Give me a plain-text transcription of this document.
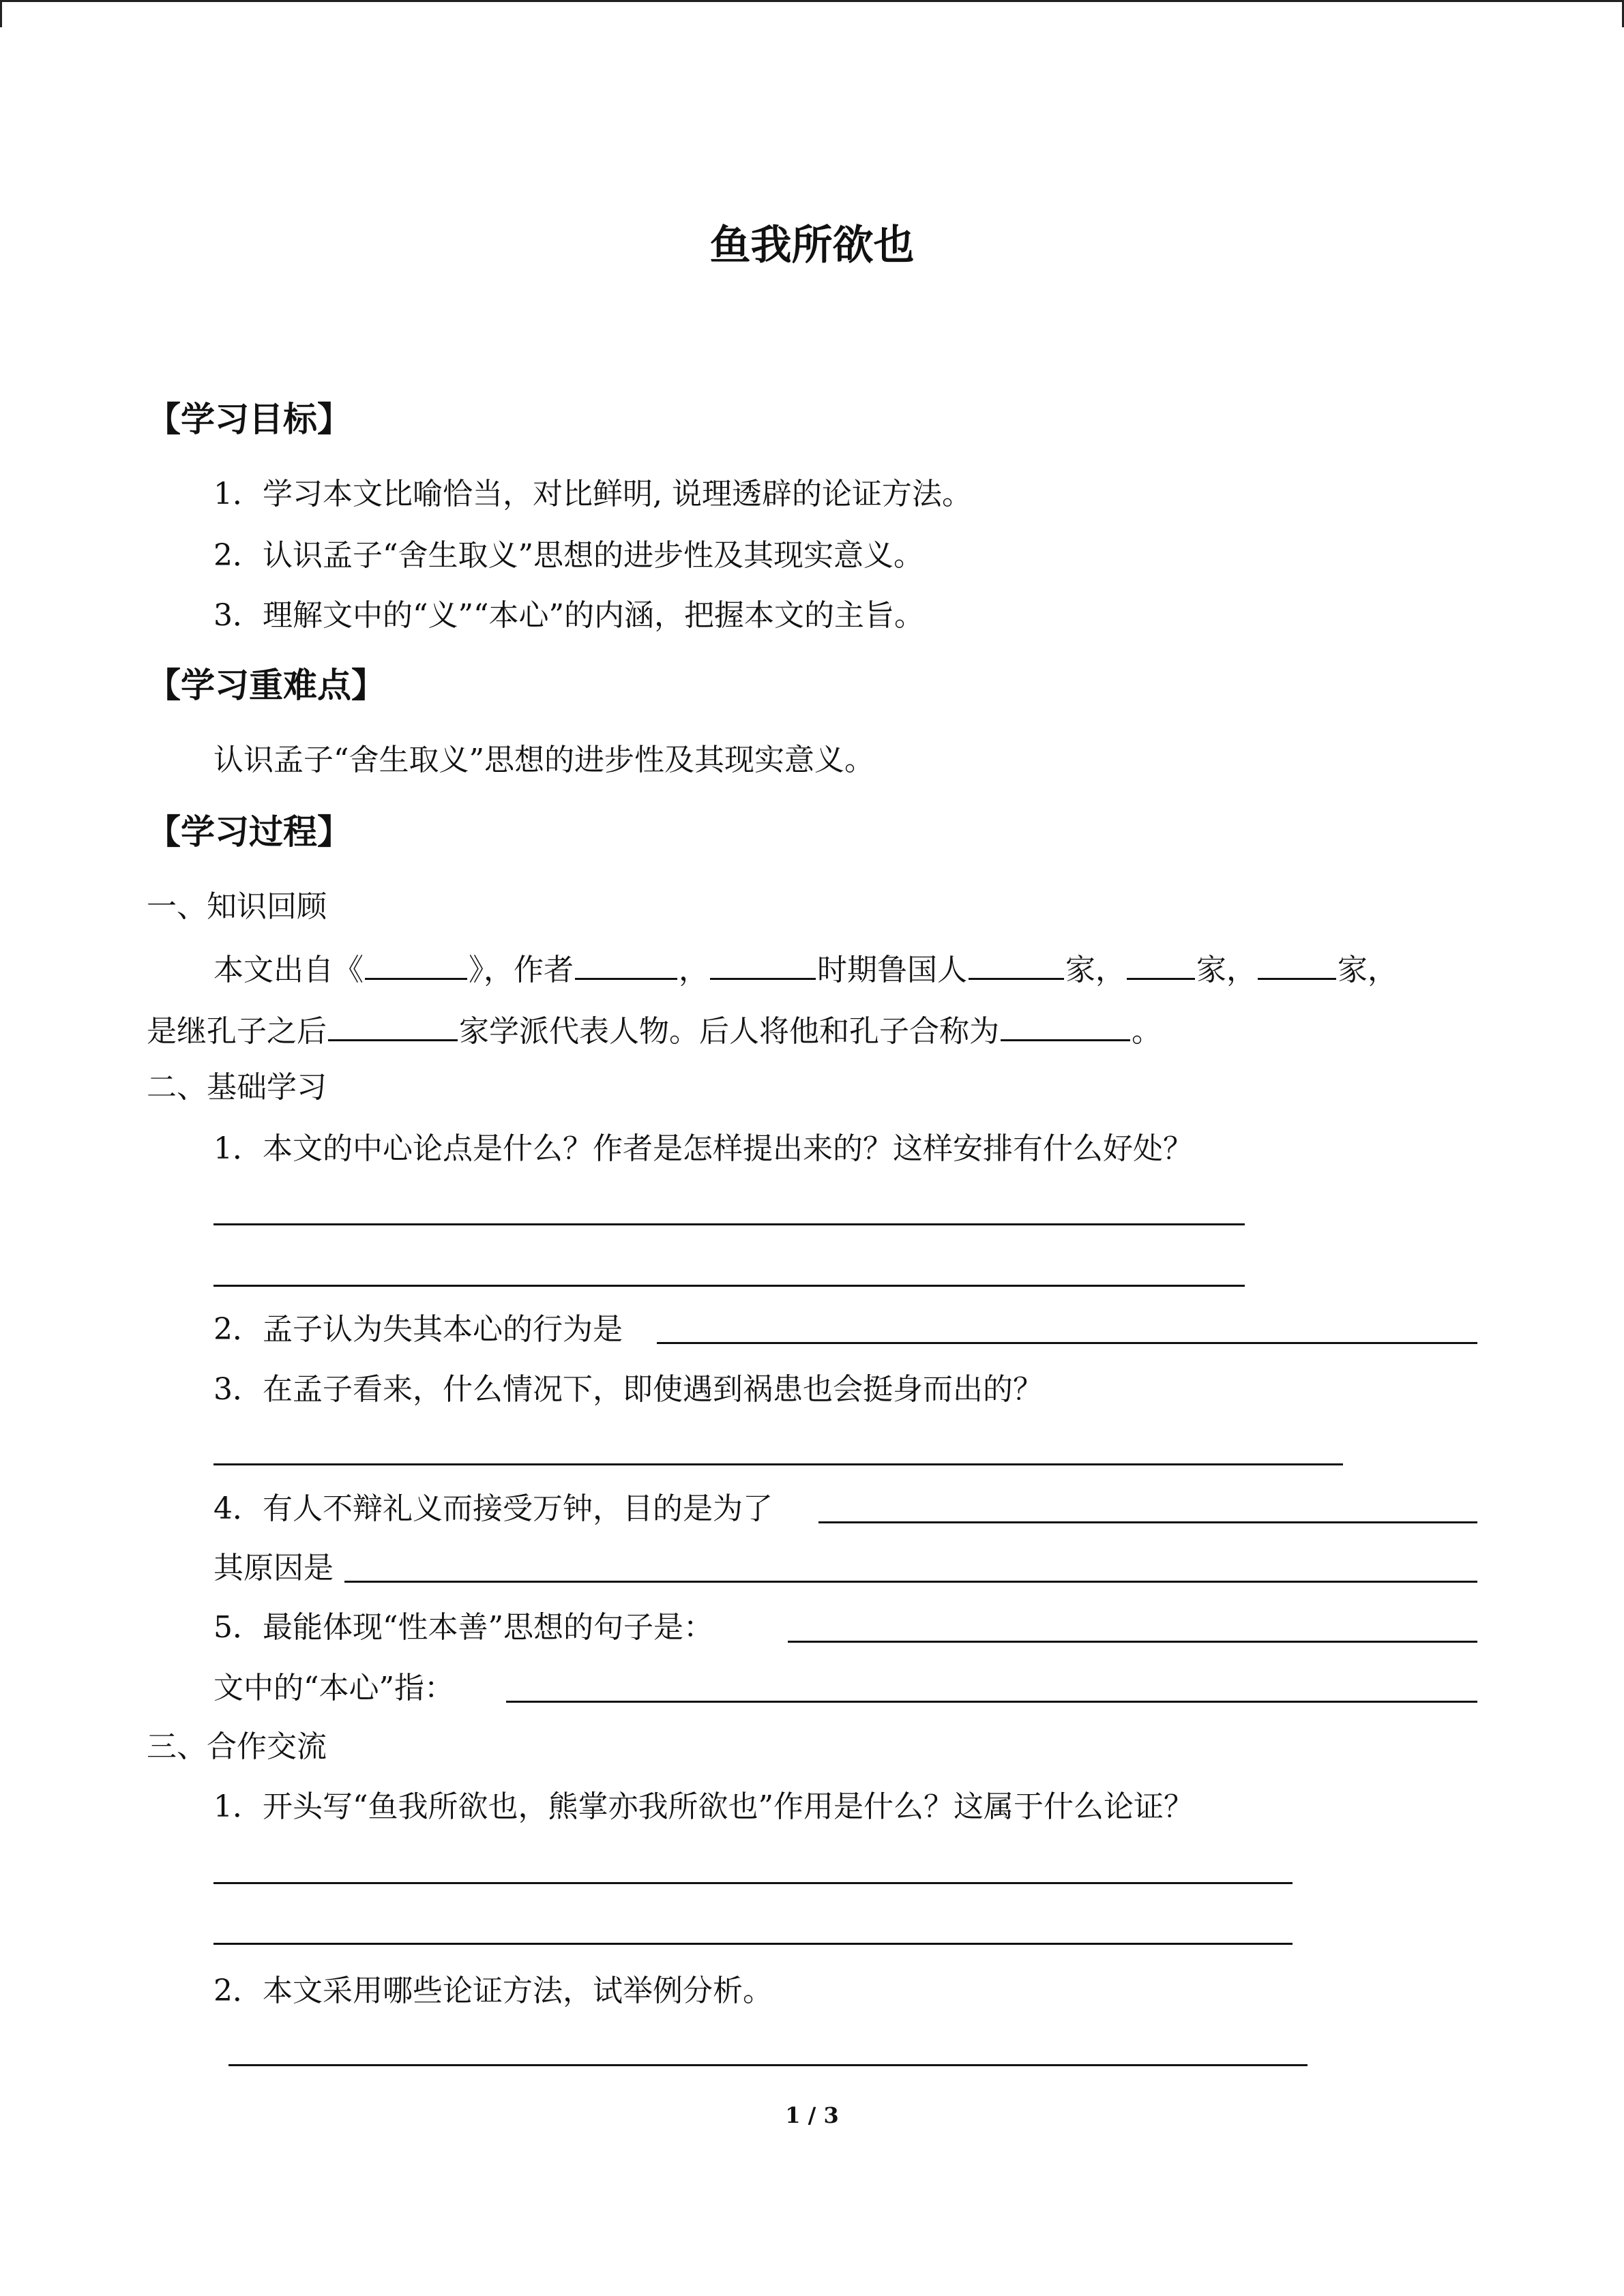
鱼我所欲也
【学习目标】
1．学习本文比喻恰当，对比鲜明, 说理透辟的论证方法。
2．认识孟子“舍生取义”思想的进步性及其现实意义。
3．理解文中的“义”“本心”的内涵，把握本文的主旨。
【学习重难点】
认识孟子“舍生取义”思想的进步性及其现实意义。
【学习过程】
一、知识回顾
本文出自《	》，作者	，	时期鲁国人	家， 家，	家，
是继孔子之后	家学派代表人物。后人将他和孔子合称为	。
二、基础学习
1．本文的中心论点是什么？作者是怎样提出来的？这样安排有什么好处？
2．孟子认为失其本心的行为是
3．在孟子看来，什么情况下，即使遇到祸患也会挺身而出的？
4．有人不辩礼义而接受万钟，目的是为了
其原因是
5．最能体现“性本善”思想的句子是：
文中的“本心”指：
三、合作交流
1．开头写“鱼我所欲也，熊掌亦我所欲也”作用是什么？这属于什么论证？
2．本文采用哪些论证方法，试举例分析。
1 / 3
